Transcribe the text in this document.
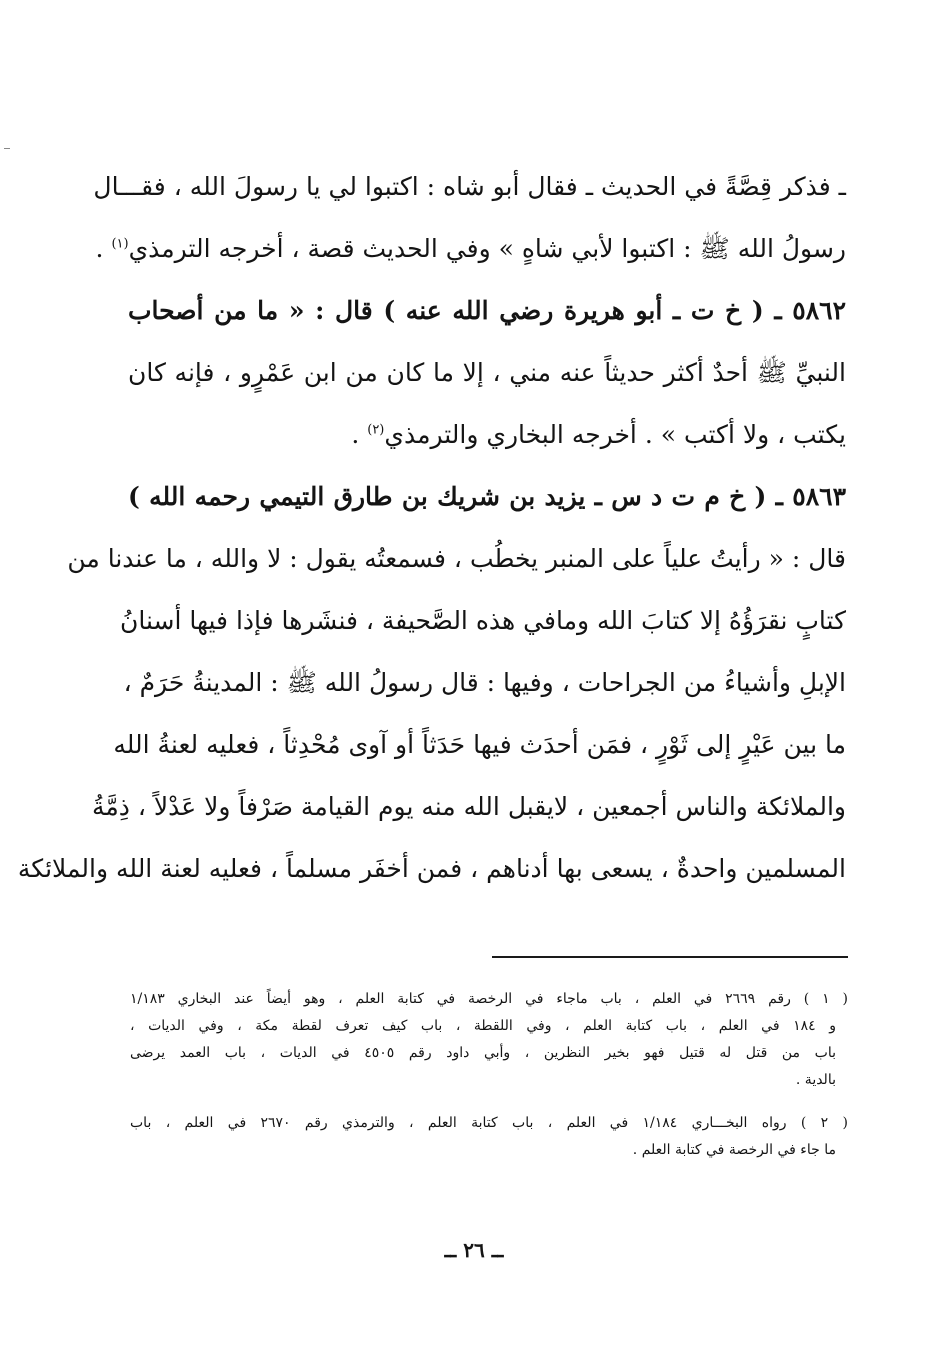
ـ فذكر قِصَّةً في الحديث ـ فقال أبو شاه : اكتبوا لي يا رسولَ الله ، فقـــال
رسولُ الله ﷺ : اكتبوا لأبي شاهٍ » وفي الحديث قصة ، أخرجه الترمذي$^{(١)}$ .
٥٨٦٢ ـ ( خ ت ـ أبو هريرة رضي الله عنه ) قال : « ما من أصحاب
النبيِّ ﷺ أحدٌ أكثر حديثاً عنه مني ، إلا ما كان من ابن عَمْرٍو ، فإنه كان
يكتب ، ولا أكتب » . أخرجه البخاري والترمذي$^{(٢)}$ .
٥٨٦٣ ـ ( خ م ت د س ـ يزيد بن شريك بن طارق التيمي رحمه الله )
قال : « رأيتُ علياً على المنبر يخطُب ، فسمعتُه يقول : لا والله ، ما عندنا من
كتابٍ نقرَؤُهُ إلا كتابَ الله ومافي هذه الصَّحيفة ، فنشَرها فإذا فيها أسنانُ
الإبلِ وأشياءُ من الجراحات ، وفيها : قال رسولُ الله ﷺ : المدينةُ حَرَمٌ ،
ما بين عَيْرٍ إلى ثَوْرٍ ، فمَن أحدَث فيها حَدَثاً أو آوى مُحْدِثاً ، فعليه لعنةُ الله
والملائكة والناس أجمعين ، لايقبل الله منه يوم القيامة صَرْفاً ولا عَدْلاً ، ذِمَّةُ
المسلمين واحدةٌ ، يسعى بها أدناهم ، فمن أخفَر مسلماً ، فعليه لعنة الله والملائكة
( ١ ) رقم ٢٦٦٩ في العلم ، باب ماجاء في الرخصة في كتابة العلم ، وهو أيضاً عند البخاري ١/١٨٣
و ١٨٤ في العلم ، باب كتابة العلم ، وفي اللقطة ، باب كيف تعرف لقطة مكة ، وفي الديات ،
باب من قتل له قتيل فهو بخير النظرين ، وأبي داود رقم ٤٥٠٥ في الديات ، باب العمد يرضى
بالدية .
( ٢ ) رواه البخـــاري ١/١٨٤ في العلم ، باب كتابة العلم ، والترمذي رقم ٢٦٧٠ في العلم ، باب
ما جاء في الرخصة في كتابة العلم .
ــ ٢٦ ــ
